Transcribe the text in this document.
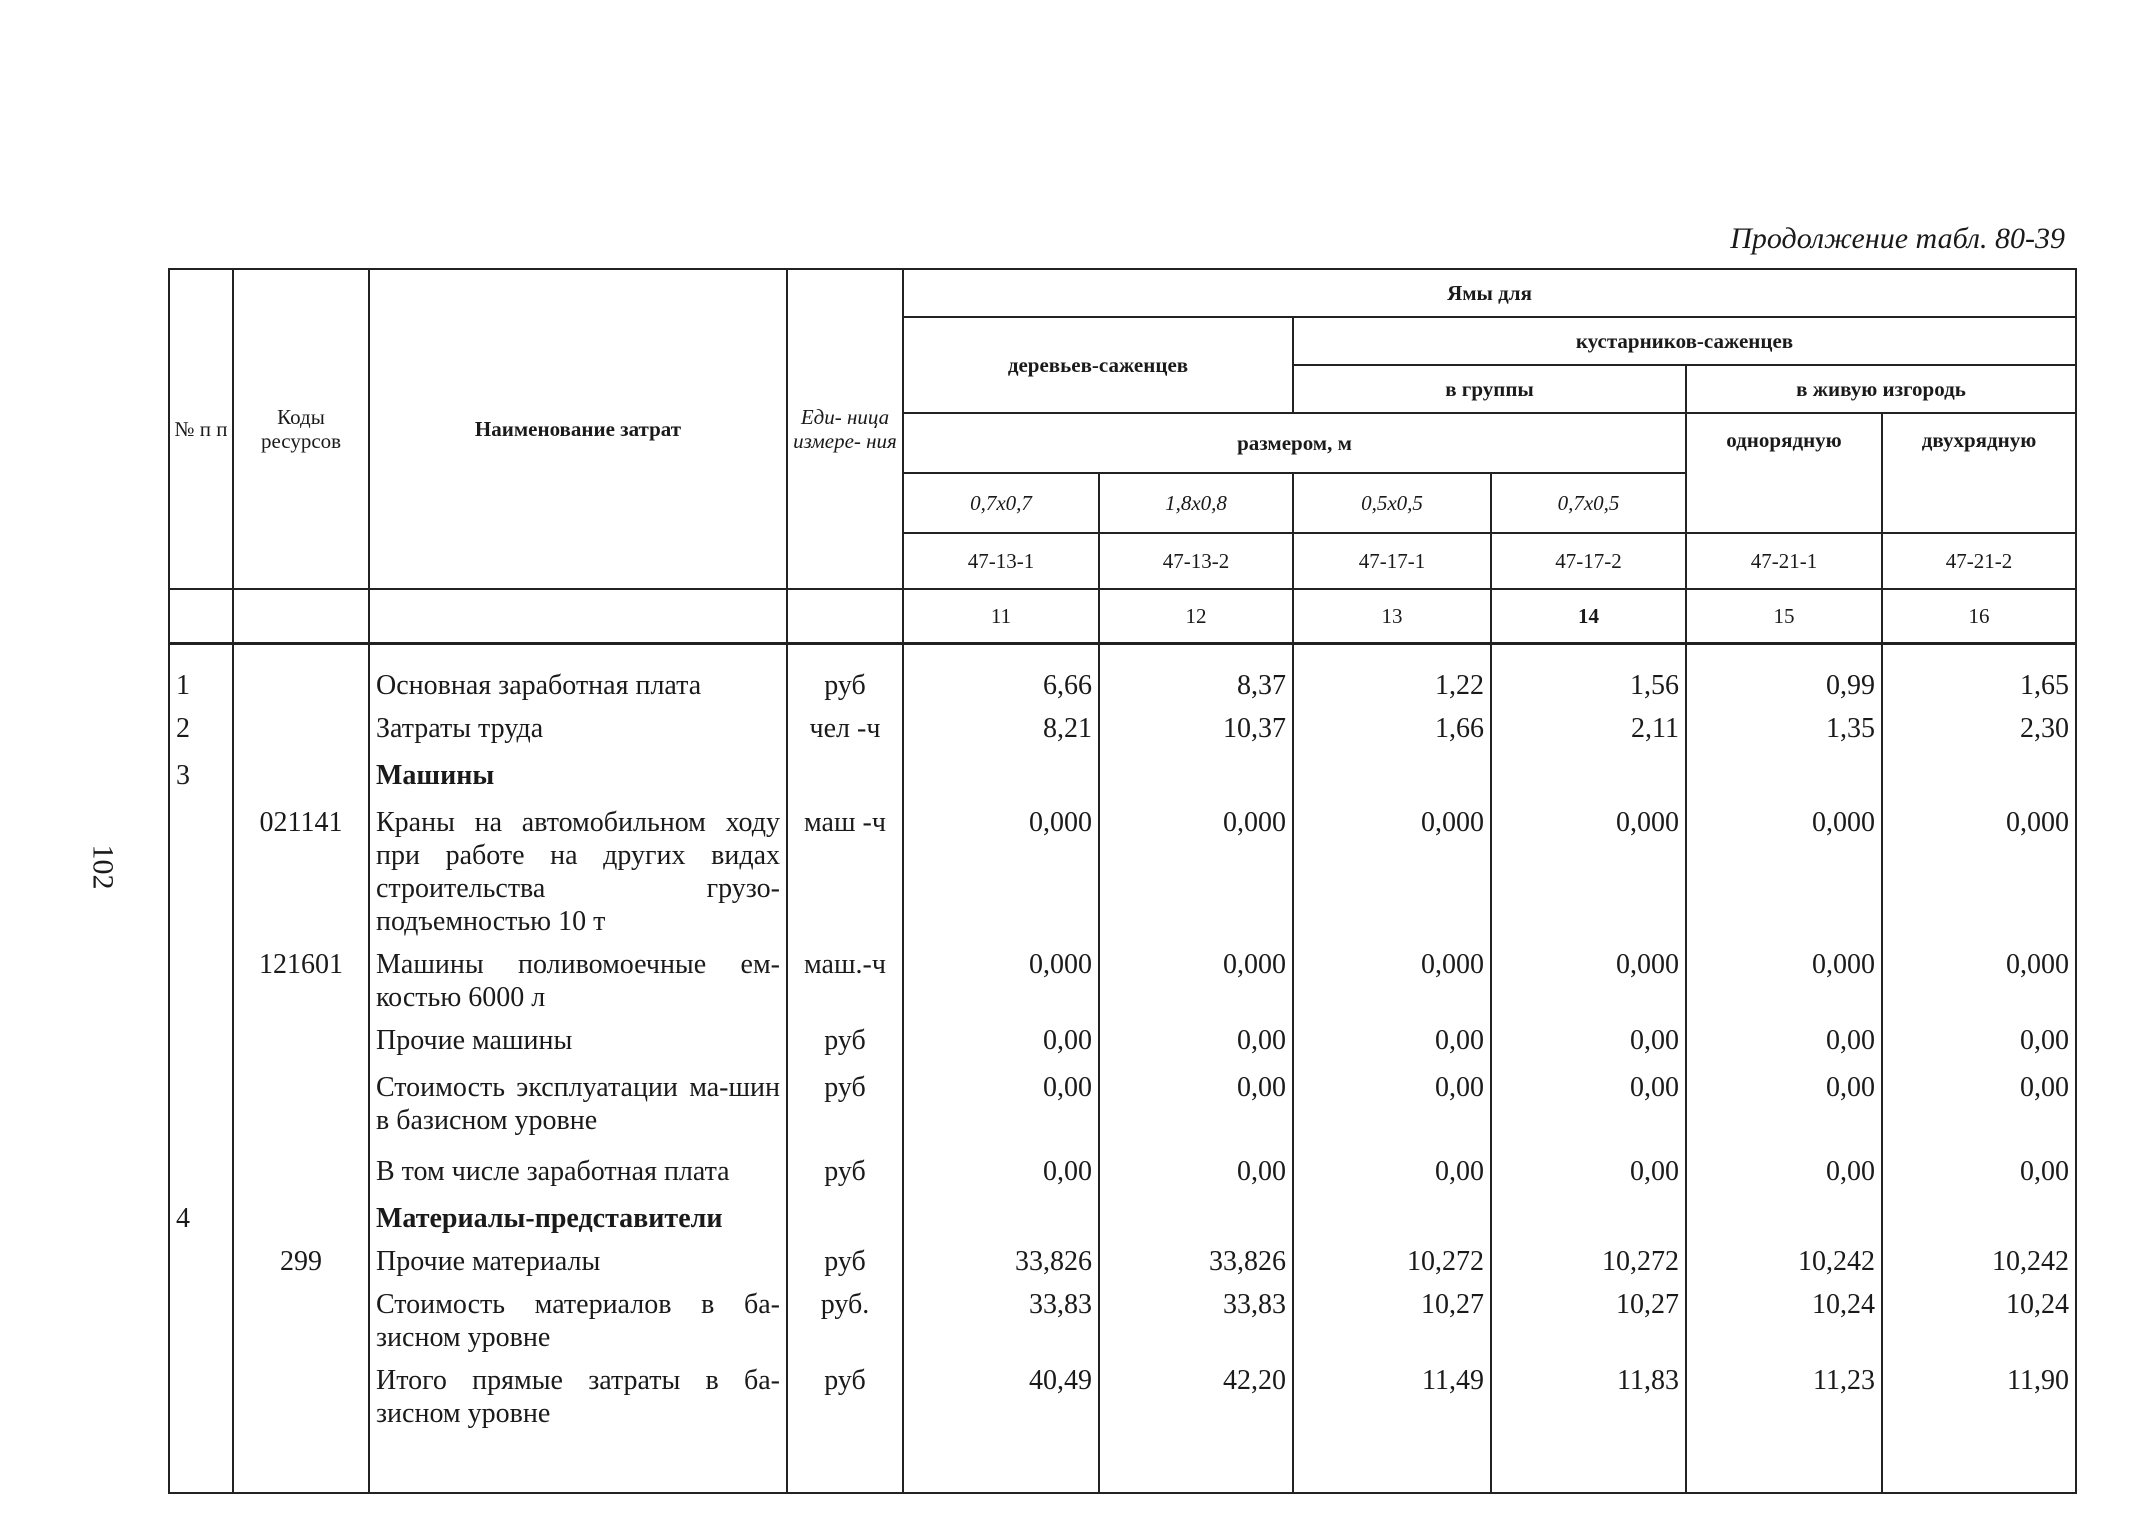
Продолжение табл. 80-39
102
№ п п	Коды ресурсов	Наименование затрат	Еди- ница измере- ния	Ямы для					
				деревьев-саженцев		кустарников-саженцев			
						в группы		в живую изгородь	
				размером, м				однорядную	двухрядную
				0,7х0,7	1,8х0,8	0,5х0,5	0,7х0,5		
				47-13-1	47-13-2	47-17-1	47-17-2	47-21-1	47-21-2
				11	12	13	14	15	16

1		Основная заработная плата	руб	6,66	8,37	1,22	1,56	0,99	1,65
2		Затраты труда	чел -ч	8,21	10,37	1,66	2,11	1,35	2,30
3		Машины							
	021141	Краны на автомобильном ходу при работе на других видах строительства грузо-подъемностью 10 т	маш -ч	0,000	0,000	0,000	0,000	0,000	0,000
	121601	Машины поливомоечные ем-костью 6000 л	маш.-ч	0,000	0,000	0,000	0,000	0,000	0,000
		Прочие машины	руб	0,00	0,00	0,00	0,00	0,00	0,00
		Стоимость эксплуатации ма-шин в базисном уровне	руб	0,00	0,00	0,00	0,00	0,00	0,00
		В том числе заработная плата	руб	0,00	0,00	0,00	0,00	0,00	0,00
4		Материалы-представители							
	299	Прочие материалы	руб	33,826	33,826	10,272	10,272	10,242	10,242
		Стоимость материалов в ба-зисном уровне	руб.	33,83	33,83	10,27	10,27	10,24	10,24
		Итого прямые затраты в ба-зисном уровне	руб	40,49	42,20	11,49	11,83	11,23	11,90
